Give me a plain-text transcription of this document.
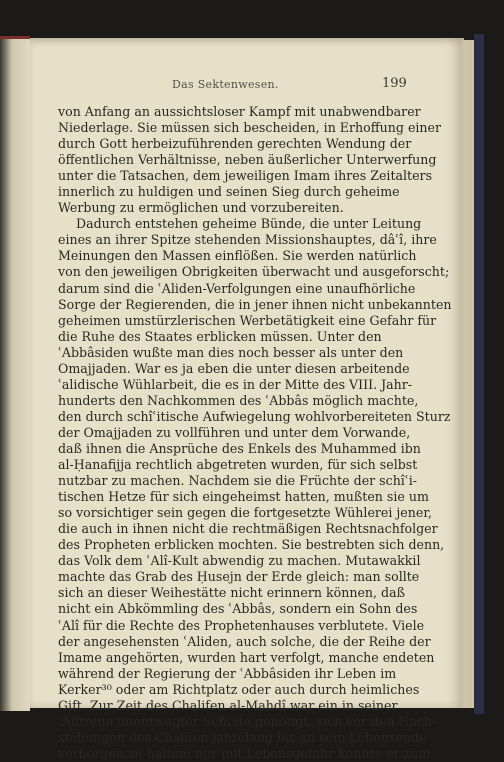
Das Sektenwesen.	199
von Anfang an aussichtsloser Kampf mit unabwendbarer
Niederlage. Sie müssen sich bescheiden, in Erhoffung einer
durch Gott herbeizuführenden gerechten Wendung der
öffentlichen Verhältnisse, neben äußerlicher Unterwerfung
unter die Tatsachen, dem jeweiligen Imam ihres Zeitalters
innerlich zu huldigen und seinen Sieg durch geheime
Werbung zu ermöglichen und vorzubereiten.
Dadurch entstehen geheime Bünde, die unter Leitung
eines an ihrer Spitze stehenden Missionshauptes, dâʿî, ihre
Meinungen den Massen einflößen. Sie werden natürlich
von den jeweiligen Obrigkeiten überwacht und ausgeforscht;
darum sind die ʿAliden-Verfolgungen eine unaufhörliche
Sorge der Regierenden, die in jener ihnen nicht unbekannten
geheimen umstürzlerischen Werbetätigkeit eine Gefahr für
die Ruhe des Staates erblicken müssen. Unter den
ʿAbbâsiden wußte man dies noch besser als unter den
Omajjaden. War es ja eben die unter diesen arbeitende
ʿalidische Wühlarbeit, die es in der Mitte des VIII. Jahr-
hunderts den Nachkommen des ʿAbbâs möglich machte,
den durch schîʿitische Aufwiegelung wohlvorbereiteten Sturz
der Omajjaden zu vollführen und unter dem Vorwande,
daß ihnen die Ansprüche des Enkels des Muhammed ibn
al-Ḥanafijja rechtlich abgetreten wurden, für sich selbst
nutzbar zu machen. Nachdem sie die Früchte der schîʿi-
tischen Hetze für sich eingeheimst hatten, mußten sie um
so vorsichtiger sein gegen die fortgesetzte Wühlerei jener,
die auch in ihnen nicht die rechtmäßigen Rechtsnachfolger
des Propheten erblicken mochten. Sie bestrebten sich denn,
das Volk dem ʿAlî-Kult abwendig zu machen. Mutawakkil
machte das Grab des Ḥusejn der Erde gleich: man sollte
sich an dieser Weihestätte nicht erinnern können, daß
nicht ein Abkömmling des ʿAbbâs, sondern ein Sohn des
ʿAlî für die Rechte des Prophetenhauses verblutete. Viele
der angesehensten ʿAliden, auch solche, die der Reihe der
Imame angehörten, wurden hart verfolgt, manche endeten
während der Regierung der ʿAbbâsiden ihr Leben im
Kerker³⁰ oder am Richtplatz oder auch durch heimliches
Gift. Zur Zeit des Chalifen al-Mahdî war ein in seiner
ʿAlîtreue unentwegter Schîʿite genötigt, sich vor den Nach-
stellungen des Chalifen jahrelang bis an sein Lebensende
verborgen zu halten; nur mit Lebensgefahr konnte er zum
